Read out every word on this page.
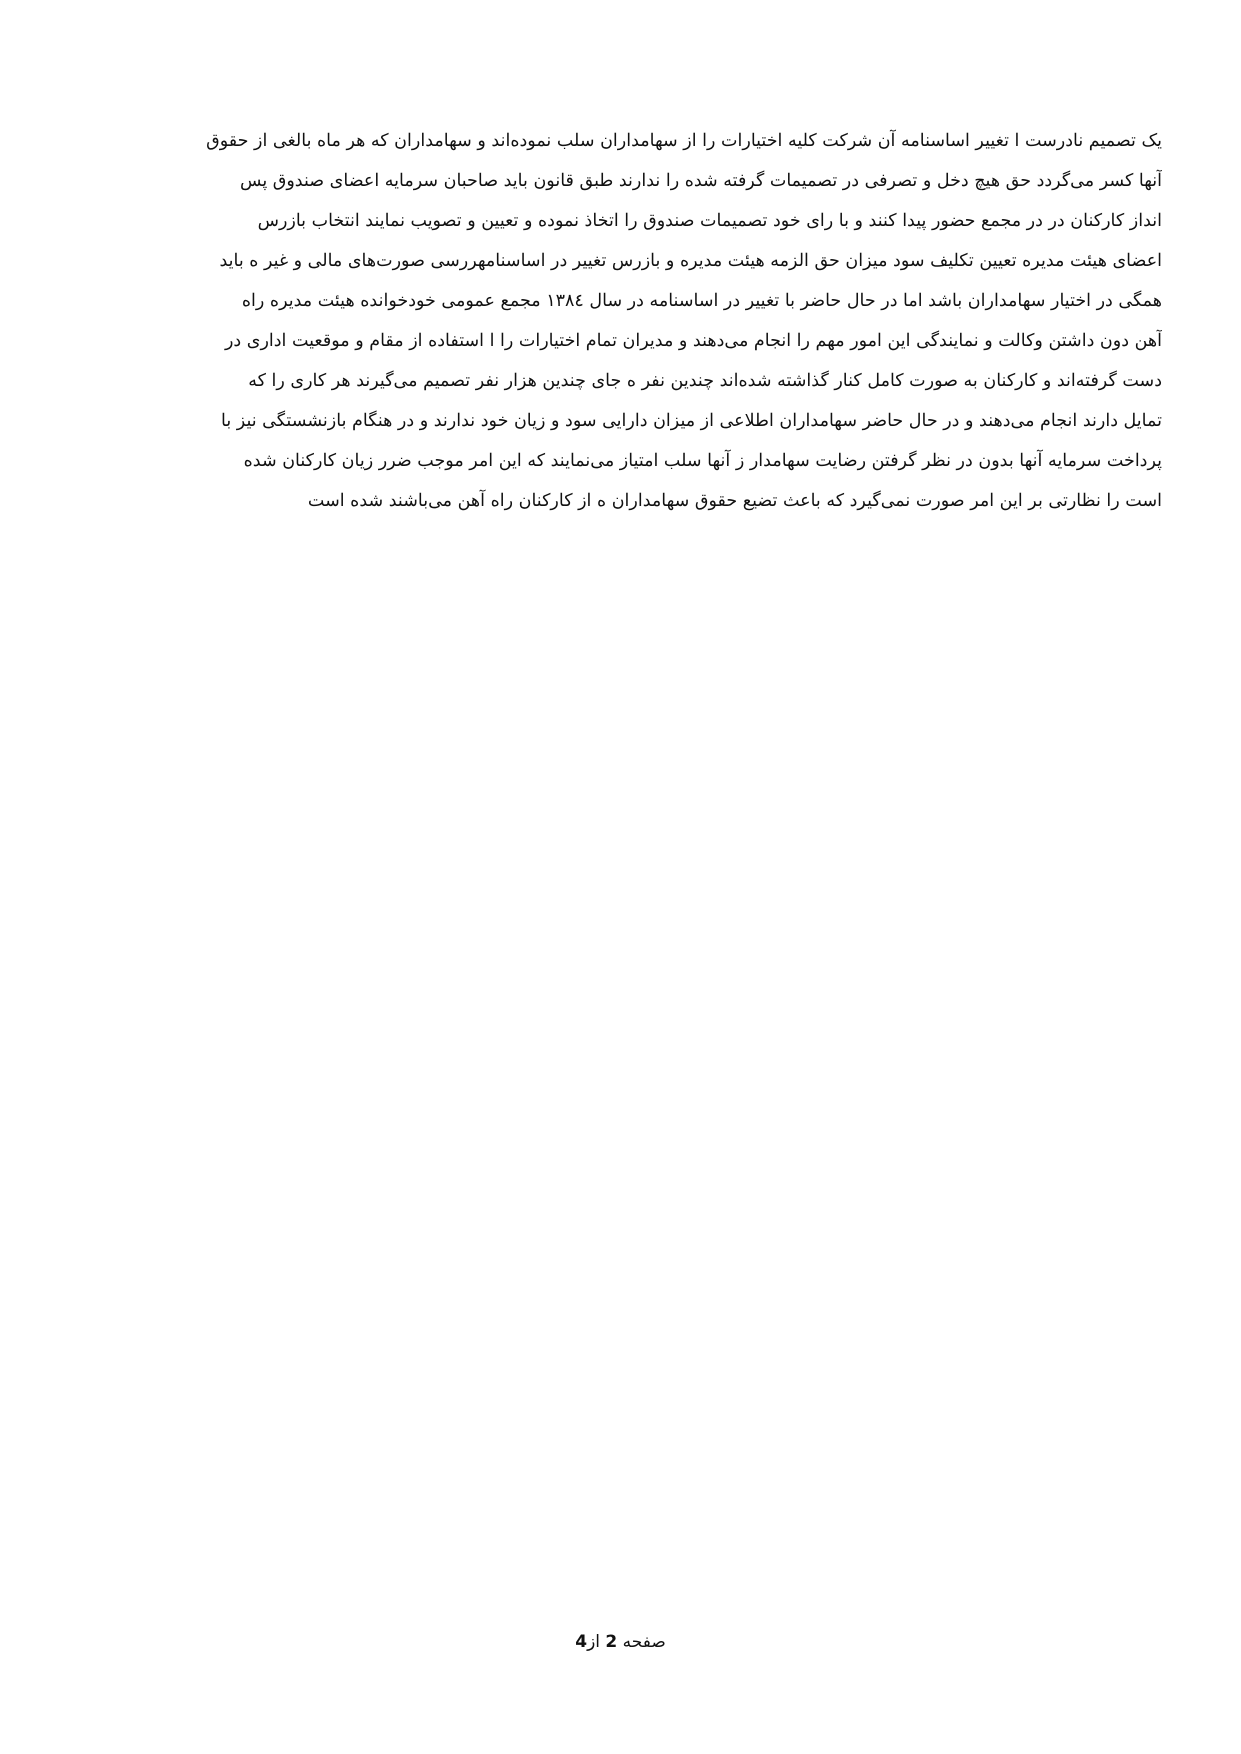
یک تصمیم نادرست ا تغییر اساسنامه آن شرکت کلیه اختیارات را از سهامداران سلب نموده‌اند و سهامداران که هر ماه بالغی از حقوق
آنها کسر می‌گردد حق هیچ دخل و تصرفی در تصمیمات گرفته شده را ندارند طبق قانون باید صاحبان سرمایه اعضای صندوق پس
انداز کارکنان در در مجمع حضور پیدا کنند و با رای خود تصمیمات صندوق را اتخاذ نموده و تعیین و تصویب نمایند انتخاب بازرس
اعضای هیئت مدیره تعیین تکلیف سود میزان حق الزمه هیئت مدیره و بازرس تغییر در اساسنامهررسی صورت‌های مالی و غیر ه باید
همگی در اختیار سهامداران باشد اما در حال حاضر با تغییر در اساسنامه در سال ۱۳۸٤ مجمع عمومی خودخوانده هیئت مدیره راه
آهن دون داشتن وکالت و نمایندگی این امور مهم را انجام می‌دهند و مدیران تمام اختیارات را ا استفاده از مقام و موقعیت اداری در
دست گرفته‌اند و کارکنان به صورت کامل کنار گذاشته شده‌اند چندین نفر ه جای چندین هزار نفر تصمیم می‌گیرند هر کاری را که
تمایل دارند انجام می‌دهند و در حال حاضر سهامداران اطلاعی از میزان دارایی سود و زیان خود ندارند و در هنگام بازنشستگی نیز با
پرداخت سرمایه آنها بدون در نظر گرفتن رضایت سهامدار ز آنها سلب امتیاز می‌نمایند که این امر موجب ضرر زیان کارکنان شده
است را نظارتی بر این امر صورت نمی‌گیرد که باعث تضیع حقوق سهامداران ه از کارکنان راه آهن می‌باشند شده است
صفحه 2 از4
